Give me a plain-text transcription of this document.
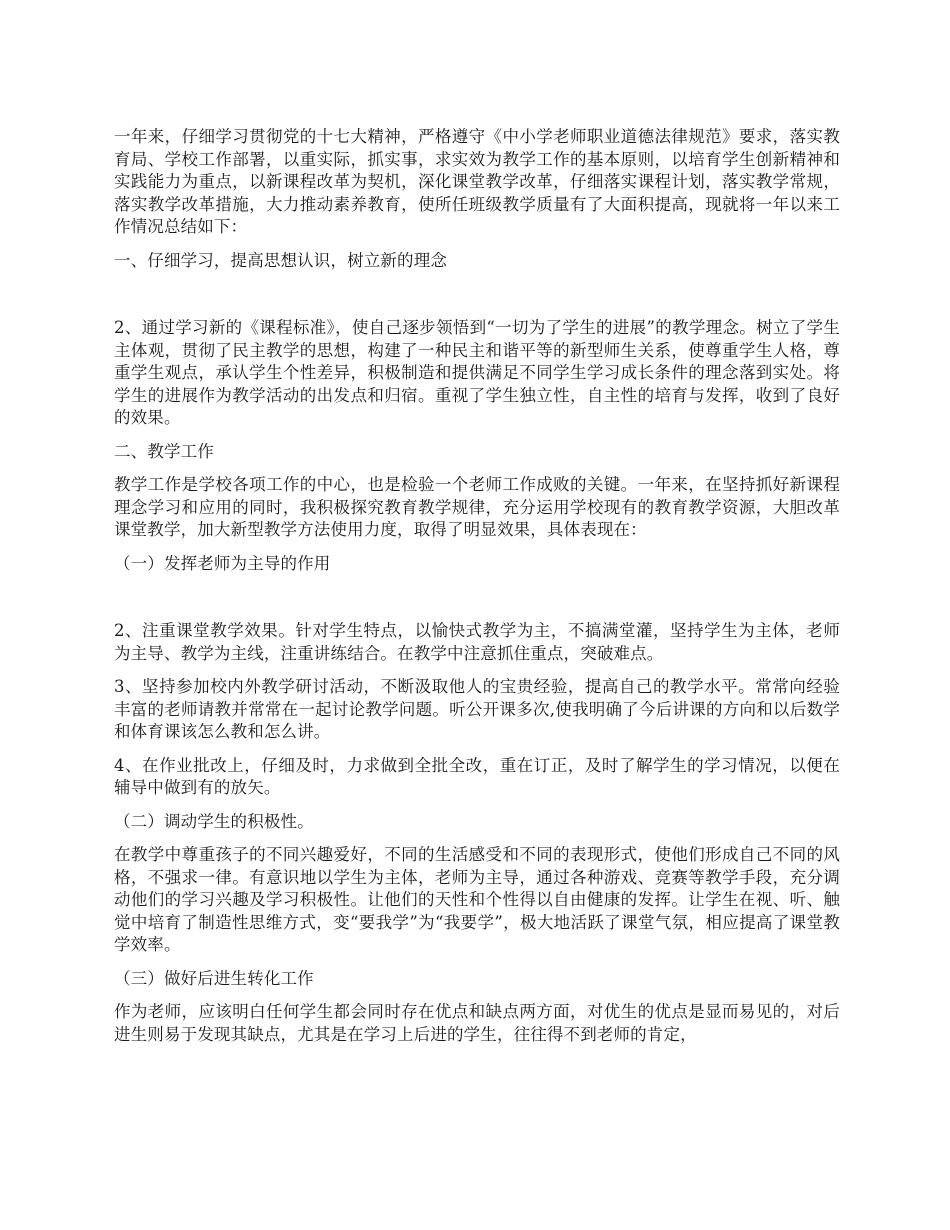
一年来，仔细学习贯彻党的十七大精神，严格遵守《中小学老师职业道德法律规范》要求，落实教育局、学校工作部署，以重实际，抓实事，求实效为教学工作的基本原则，以培育学生创新精神和实践能力为重点，以新课程改革为契机，深化课堂教学改革，仔细落实课程计划，落实教学常规，落实教学改革措施，大力推动素养教育，使所任班级教学质量有了大面积提高，现就将一年以来工作情况总结如下：

一、仔细学习，提高思想认识，树立新的理念

2、通过学习新的《课程标准》，使自己逐步领悟到“一切为了学生的进展”的教学理念。树立了学生主体观，贯彻了民主教学的思想，构建了一种民主和谐平等的新型师生关系，使尊重学生人格，尊重学生观点，承认学生个性差异，积极制造和提供满足不同学生学习成长条件的理念落到实处。将学生的进展作为教学活动的出发点和归宿。重视了学生独立性，自主性的培育与发挥，收到了良好的效果。

二、教学工作

教学工作是学校各项工作的中心，也是检验一个老师工作成败的关键。一年来，在坚持抓好新课程理念学习和应用的同时，我积极探究教育教学规律，充分运用学校现有的教育教学资源，大胆改革课堂教学，加大新型教学方法使用力度，取得了明显效果，具体表现在：

（一）发挥老师为主导的作用

2、注重课堂教学效果。针对学生特点，以愉快式教学为主，不搞满堂灌，坚持学生为主体，老师为主导、教学为主线，注重讲练结合。在教学中注意抓住重点，突破难点。

3、坚持参加校内外教学研讨活动，不断汲取他人的宝贵经验，提高自己的教学水平。常常向经验丰富的老师请教并常常在一起讨论教学问题。听公开课多次,使我明确了今后讲课的方向和以后数学和体育课该怎么教和怎么讲。

4、在作业批改上，仔细及时，力求做到全批全改，重在订正，及时了解学生的学习情况，以便在辅导中做到有的放矢。

（二）调动学生的积极性。

在教学中尊重孩子的不同兴趣爱好，不同的生活感受和不同的表现形式，使他们形成自己不同的风格，不强求一律。有意识地以学生为主体，老师为主导，通过各种游戏、竞赛等教学手段，充分调动他们的学习兴趣及学习积极性。让他们的天性和个性得以自由健康的发挥。让学生在视、听、触觉中培育了制造性思维方式，变“要我学”为“我要学”，极大地活跃了课堂气氛，相应提高了课堂教学效率。

（三）做好后进生转化工作

作为老师，应该明白任何学生都会同时存在优点和缺点两方面，对优生的优点是显而易见的，对后进生则易于发现其缺点，尤其是在学习上后进的学生，往往得不到老师的肯定，
